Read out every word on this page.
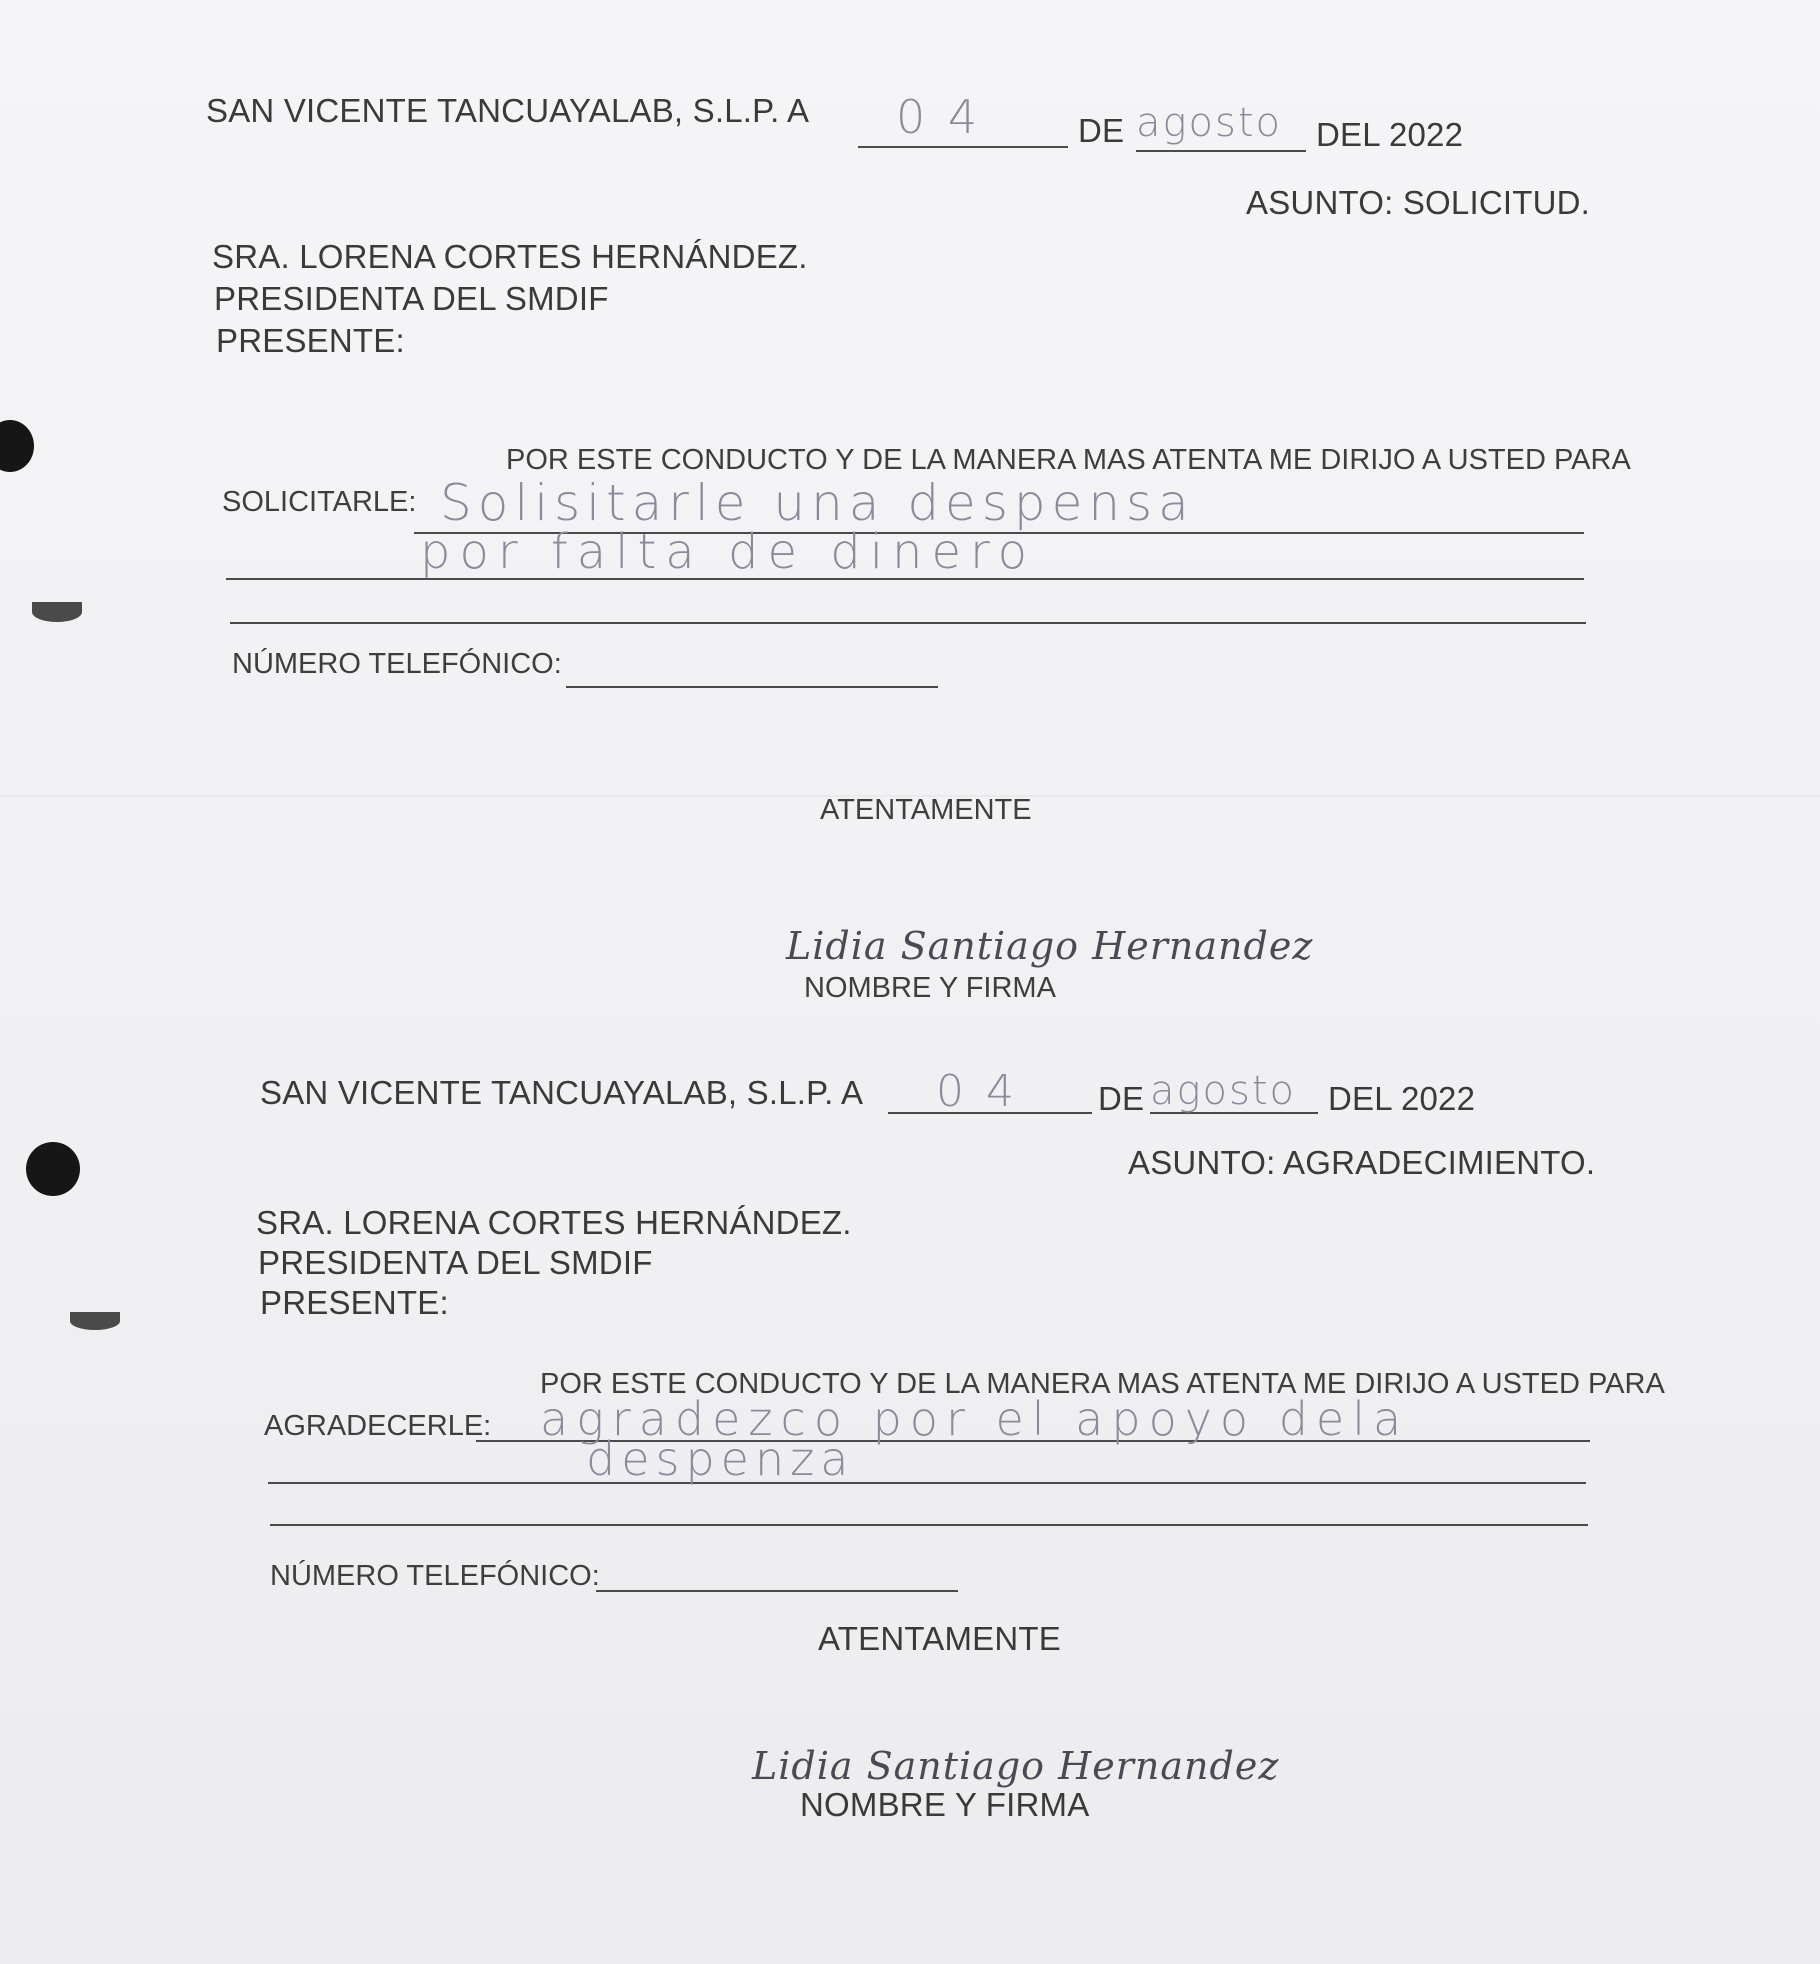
SAN VICENTE TANCUAYALAB, S.L.P. A 0 4	DE agosto DEL 2022
ASUNTO: SOLICITUD.
SRA. LORENA CORTES HERNÁNDEZ.
PRESIDENTA DEL SMDIF
PRESENTE:
POR ESTE CONDUCTO Y DE LA MANERA MAS ATENTA ME DIRIJO A USTED PARA
SOLICITARLE: Solisitarle una despensa
por falta de dinero
NÚMERO TELEFÓNICO:
ATENTAMENTE
Lidia Santiago Hernandez
NOMBRE Y FIRMA
SAN VICENTE TANCUAYALAB, S.L.P. A 0 4 DE agosto DEL 2022
ASUNTO: AGRADECIMIENTO.
SRA. LORENA CORTES HERNÁNDEZ.
PRESIDENTA DEL SMDIF
PRESENTE:
POR ESTE CONDUCTO Y DE LA MANERA MAS ATENTA ME DIRIJO A USTED PARA
AGRADECERLE: agradezco por el apoyo dela
despenza
NÚMERO TELEFÓNICO:
ATENTAMENTE
Lidia Santiago Hernandez
NOMBRE Y FIRMA
